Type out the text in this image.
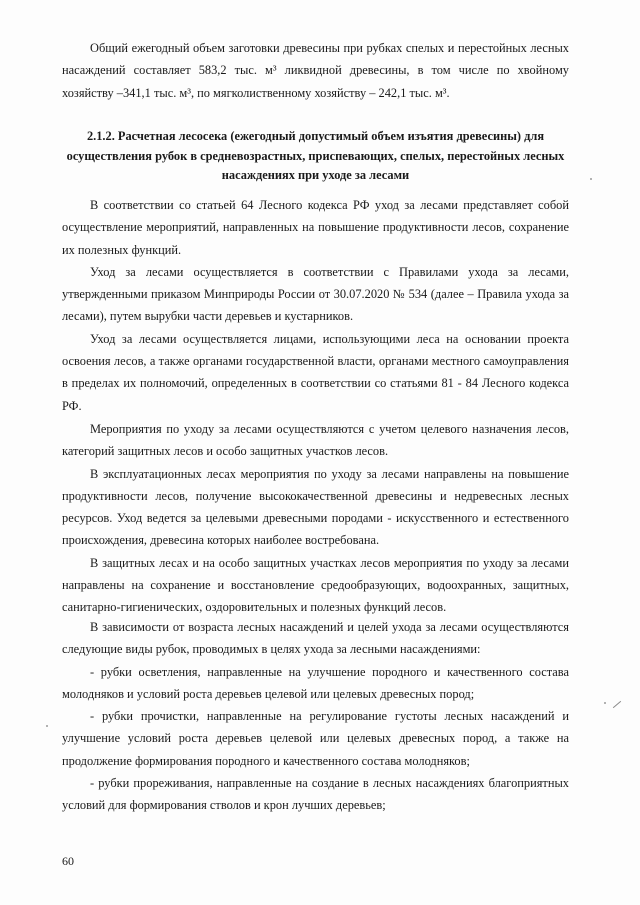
Общий ежегодный объем заготовки древесины при рубках спелых и перестойных лесных насаждений составляет 583,2 тыс. м³ ликвидной древесины, в том числе по хвойному хозяйству –341,1 тыс. м³, по мягколиственному хозяйству – 242,1 тыс. м³.

2.1.2. Расчетная лесосека (ежегодный допустимый объем изъятия древесины) для осуществления рубок в средневозрастных, приспевающих, спелых, перестойных лесных насаждениях при уходе за лесами

В соответствии со статьей 64 Лесного кодекса РФ уход за лесами представляет собой осуществление мероприятий, направленных на повышение продуктивности лесов, сохранение их полезных функций.

Уход за лесами осуществляется в соответствии с Правилами ухода за лесами, утвержденными приказом Минприроды России от 30.07.2020 № 534 (далее – Правила ухода за лесами), путем вырубки части деревьев и кустарников.

Уход за лесами осуществляется лицами, использующими леса на основании проекта освоения лесов, а также органами государственной власти, органами местного самоуправления в пределах их полномочий, определенных в соответствии со статьями 81 - 84 Лесного кодекса РФ.

Мероприятия по уходу за лесами осуществляются с учетом целевого назначения лесов, категорий защитных лесов и особо защитных участков лесов.

В эксплуатационных лесах мероприятия по уходу за лесами направлены на повышение продуктивности лесов, получение высококачественной древесины и недревесных лесных ресурсов. Уход ведется за целевыми древесными породами - искусственного и естественного происхождения, древесина которых наиболее востребована.

В защитных лесах и на особо защитных участках лесов мероприятия по уходу за лесами направлены на сохранение и восстановление средообразующих, водоохранных, защитных, санитарно-гигиенических, оздоровительных и полезных функций лесов.

В зависимости от возраста лесных насаждений и целей ухода за лесами осуществляются следующие виды рубок, проводимых в целях ухода за лесными насаждениями:

- рубки осветления, направленные на улучшение породного и качественного состава молодняков и условий роста деревьев целевой или целевых древесных пород;

- рубки прочистки, направленные на регулирование густоты лесных насаждений и улучшение условий роста деревьев целевой или целевых древесных пород, а также на продолжение формирования породного и качественного состава молодняков;

- рубки прореживания, направленные на создание в лесных насаждениях благоприятных условий для формирования стволов и крон лучших деревьев;

60
